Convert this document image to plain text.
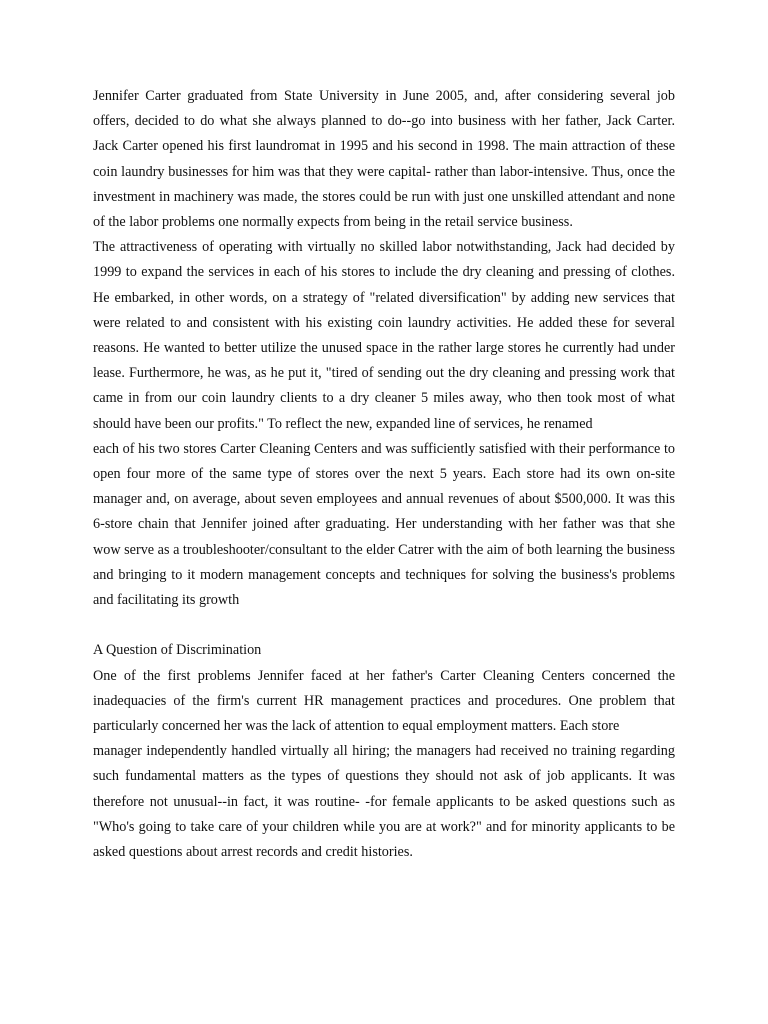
Jennifer Carter graduated from State University in June 2005, and, after considering several job offers, decided to do what she always planned to do--go into business with her father, Jack Carter. Jack Carter opened his first laundromat in 1995 and his second in 1998. The main attraction of these coin laundry businesses for him was that they were capital- rather than labor-intensive. Thus, once the investment in machinery was made, the stores could be run with just one unskilled attendant and none of the labor problems one normally expects from being in the retail service business.

The attractiveness of operating with virtually no skilled labor notwithstanding, Jack had decided by 1999 to expand the services in each of his stores to include the dry cleaning and pressing of clothes. He embarked, in other words, on a strategy of "related diversification" by adding new services that were related to and consistent with his existing coin laundry activities. He added these for several reasons. He wanted to better utilize the unused space in the rather large stores he currently had under lease. Furthermore, he was, as he put it, "tired of sending out the dry cleaning and pressing work that came in from our coin laundry clients to a dry cleaner 5 miles away, who then took most of what should have been our profits." To reflect the new, expanded line of services, he renamed

each of his two stores Carter Cleaning Centers and was sufficiently satisfied with their performance to open four more of the same type of stores over the next 5 years. Each store had its own on-site manager and, on average, about seven employees and annual revenues of about $500,000. It was this 6-store chain that Jennifer joined after graduating. Her understanding with her father was that she wow serve as a troubleshooter/consultant to the elder Catrer with the aim of both learning the business and bringing to it modern management concepts and techniques for solving the business's problems and facilitating its growth

A Question of Discrimination

One of the first problems Jennifer faced at her father's Carter Cleaning Centers concerned the inadequacies of the firm's current HR management practices and procedures. One problem that particularly concerned her was the lack of attention to equal employment matters. Each store

manager independently handled virtually all hiring; the managers had received no training regarding such fundamental matters as the types of questions they should not ask of job applicants. It was therefore not unusual--in fact, it was routine- -for female applicants to be asked questions such as "Who's going to take care of your children while you are at work?" and for minority applicants to be asked questions about arrest records and credit histories.
